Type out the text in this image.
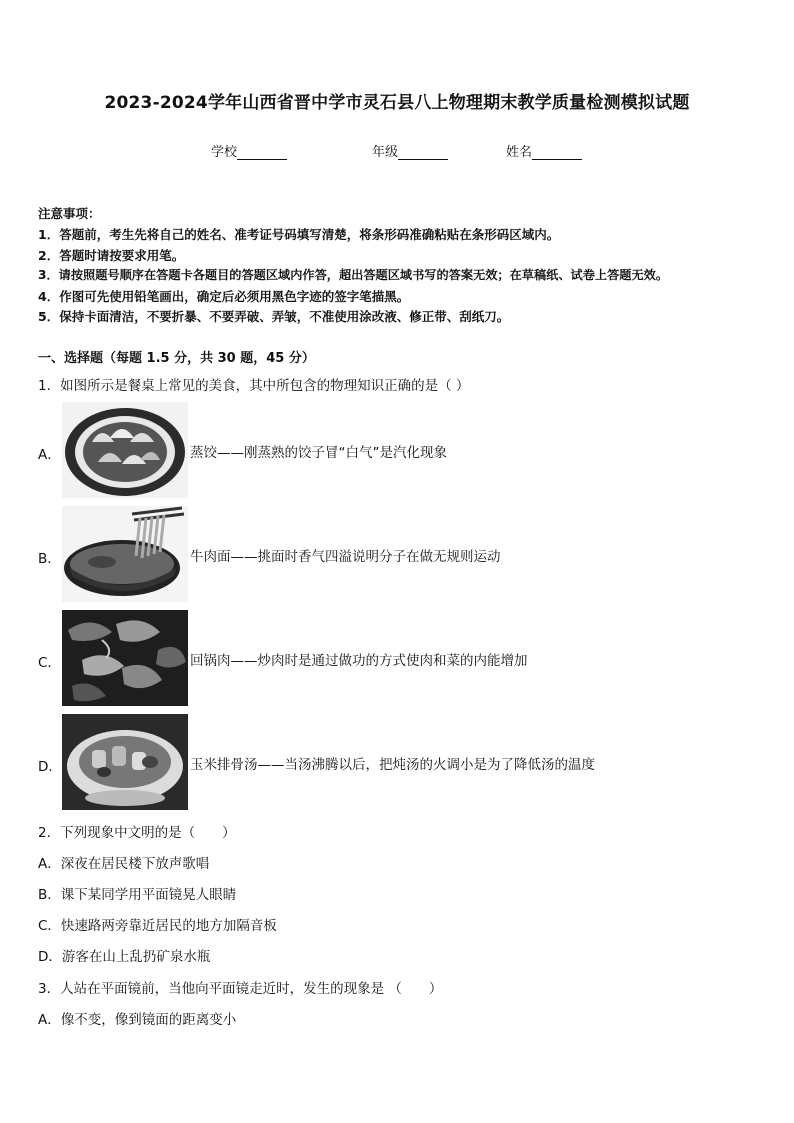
2023-2024学年山西省晋中学市灵石县八上物理期末教学质量检测模拟试题
学校	年级	姓名
注意事项：
1．答题前，考生先将自己的姓名、准考证号码填写清楚，将条形码准确粘贴在条形码区域内。
2．答题时请按要求用笔。
3．请按照题号顺序在答题卡各题目的答题区域内作答，超出答题区域书写的答案无效；在草稿纸、试卷上答题无效。
4．作图可先使用铅笔画出，确定后必须用黑色字迹的签字笔描黑。
5．保持卡面清洁，不要折暴、不要弄破、弄皱，不准使用涂改液、修正带、刮纸刀。
一、选择题（每题 1.5 分，共 30 题，45 分）
1．如图所示是餐桌上常见的美食，其中所包含的物理知识正确的是（ ）
A．	蒸饺——刚蒸熟的饺子冒“白气”是汽化现象
B．	牛肉面——挑面时香气四溢说明分子在做无规则运动
C．	回锅肉——炒肉时是通过做功的方式使肉和菜的内能增加
D．	玉米排骨汤——当汤沸腾以后，把炖汤的火调小是为了降低汤的温度
2．下列现象中文明的是（　　）
A．深夜在居民楼下放声歌唱
B．课下某同学用平面镜晃人眼睛
C．快速路两旁靠近居民的地方加隔音板
D．游客在山上乱扔矿泉水瓶
3．人站在平面镜前，当他向平面镜走近时，发生的现象是 （　　）
A．像不变，像到镜面的距离变小
